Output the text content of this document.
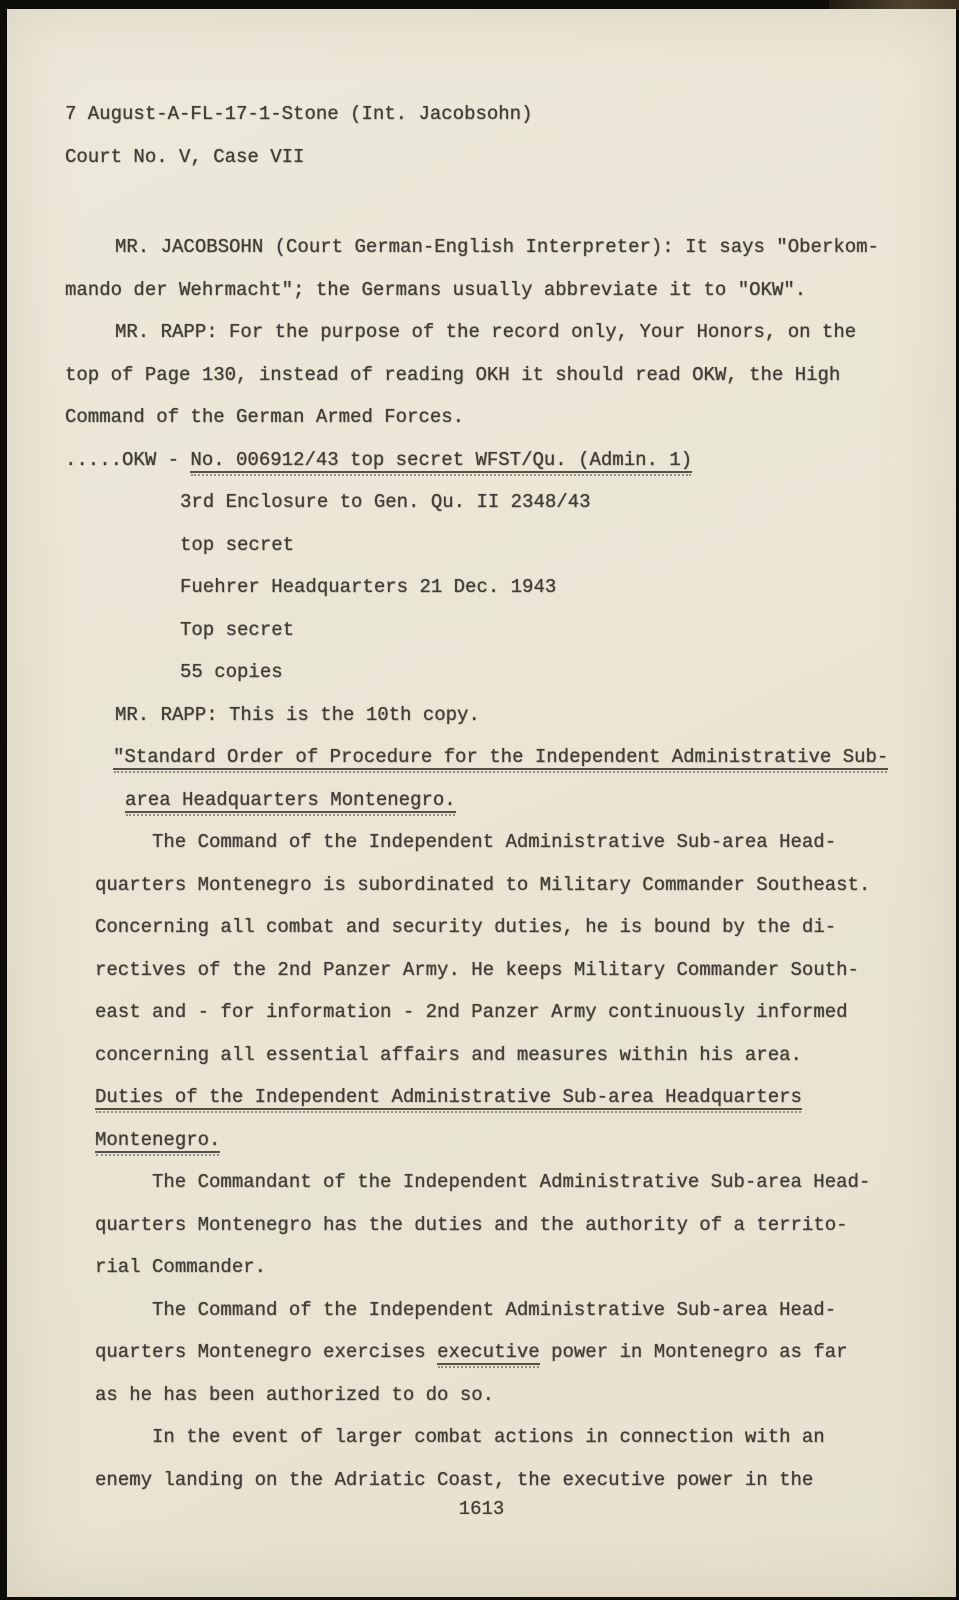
7 August-A-FL-17-1-Stone (Int. Jacobsohn)
Court No. V, Case VII
MR. JACOBSOHN (Court German-English Interpreter): It says "Oberkom-
mando der Wehrmacht"; the Germans usually abbreviate it to "OKW".
MR. RAPP: For the purpose of the record only, Your Honors, on the
top of Page 130, instead of reading OKH it should read OKW, the High
Command of the German Armed Forces.
.....OKW - No. 006912/43 top secret WFST/Qu. (Admin. 1)
3rd Enclosure to Gen. Qu. II 2348/43
top secret
Fuehrer Headquarters 21 Dec. 1943
Top secret
55 copies
MR. RAPP: This is the 10th copy.
"Standard Order of Procedure for the Independent Administrative Sub-
area Headquarters Montenegro.
The Command of the Independent Administrative Sub-area Head-
quarters Montenegro is subordinated to Military Commander Southeast.
Concerning all combat and security duties, he is bound by the di-
rectives of the 2nd Panzer Army. He keeps Military Commander South-
east and - for information - 2nd Panzer Army continuously informed
concerning all essential affairs and measures within his area.
Duties of the Independent Administrative Sub-area Headquarters
Montenegro.
The Commandant of the Independent Administrative Sub-area Head-
quarters Montenegro has the duties and the authority of a territo-
rial Commander.
The Command of the Independent Administrative Sub-area Head-
quarters Montenegro exercises executive power in Montenegro as far
as he has been authorized to do so.
In the event of larger combat actions in connection with an
enemy landing on the Adriatic Coast, the executive power in the
1613
